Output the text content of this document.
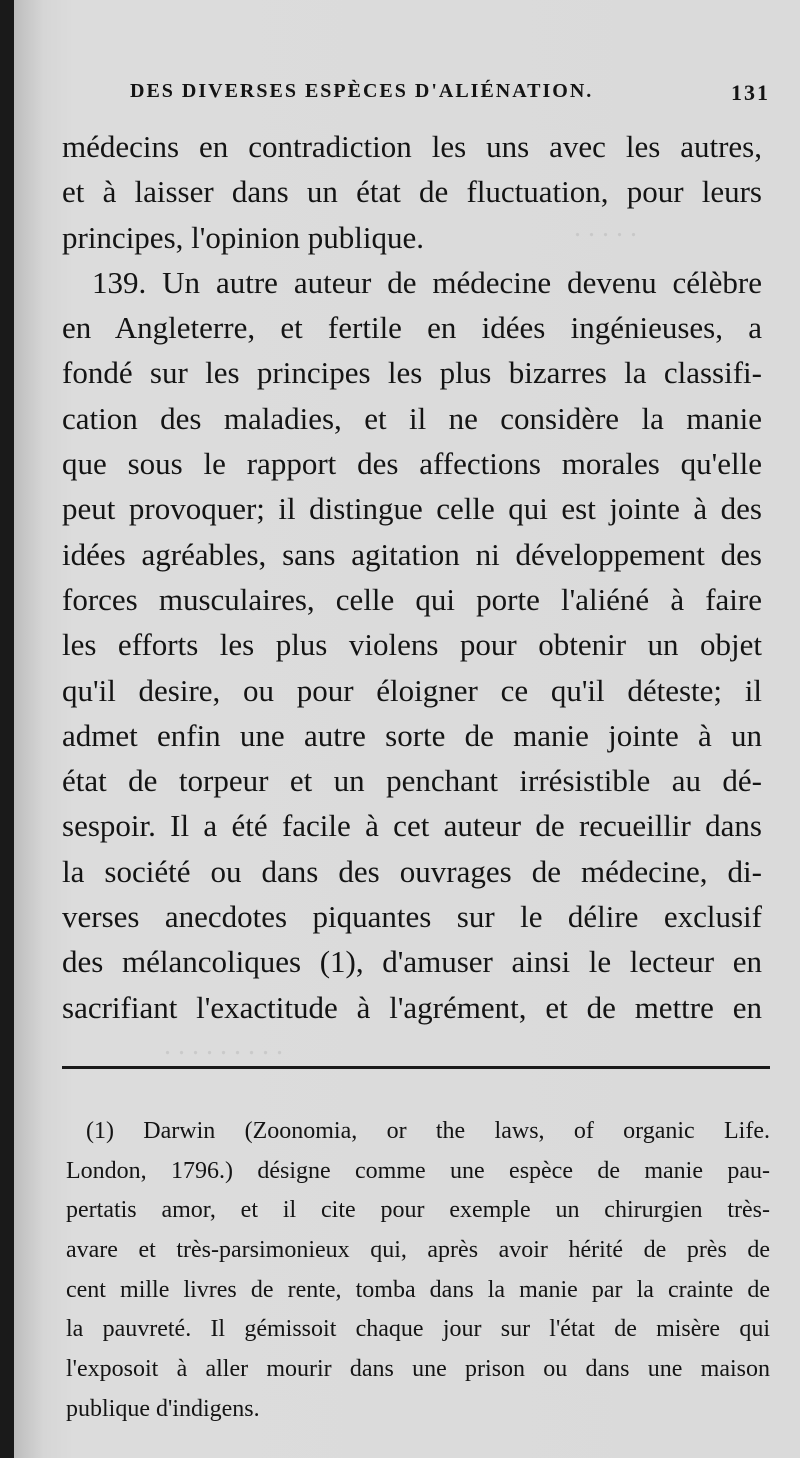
. . . . .
. . . . . . . . .
DES DIVERSES ESPÈCES D'ALIÉNATION.	131
médecins en contradiction les uns avec les autres,
et à laisser dans un état de fluctuation, pour leurs
principes, l'opinion publique.
139. Un autre auteur de médecine devenu célèbre
en Angleterre, et fertile en idées ingénieuses, a
fondé sur les principes les plus bizarres la classifi-
cation des maladies, et il ne considère la manie
que sous le rapport des affections morales qu'elle
peut provoquer; il distingue celle qui est jointe à des
idées agréables, sans agitation ni développement des
forces musculaires, celle qui porte l'aliéné à faire
les efforts les plus violens pour obtenir un objet
qu'il desire, ou pour éloigner ce qu'il déteste; il
admet enfin une autre sorte de manie jointe à un
état de torpeur et un penchant irrésistible au dé-
sespoir. Il a été facile à cet auteur de recueillir dans
la société ou dans des ouvrages de médecine, di-
verses anecdotes piquantes sur le délire exclusif
des mélancoliques (1), d'amuser ainsi le lecteur en
sacrifiant l'exactitude à l'agrément, et de mettre en
(1) Darwin (Zoonomia, or the laws, of organic Life.
London, 1796.) désigne comme une espèce de manie pau-
pertatis amor, et il cite pour exemple un chirurgien très-
avare et très-parsimonieux qui, après avoir hérité de près de
cent mille livres de rente, tomba dans la manie par la crainte de
la pauvreté. Il gémissoit chaque jour sur l'état de misère qui
l'exposoit à aller mourir dans une prison ou dans une maison
publique d'indigens.
